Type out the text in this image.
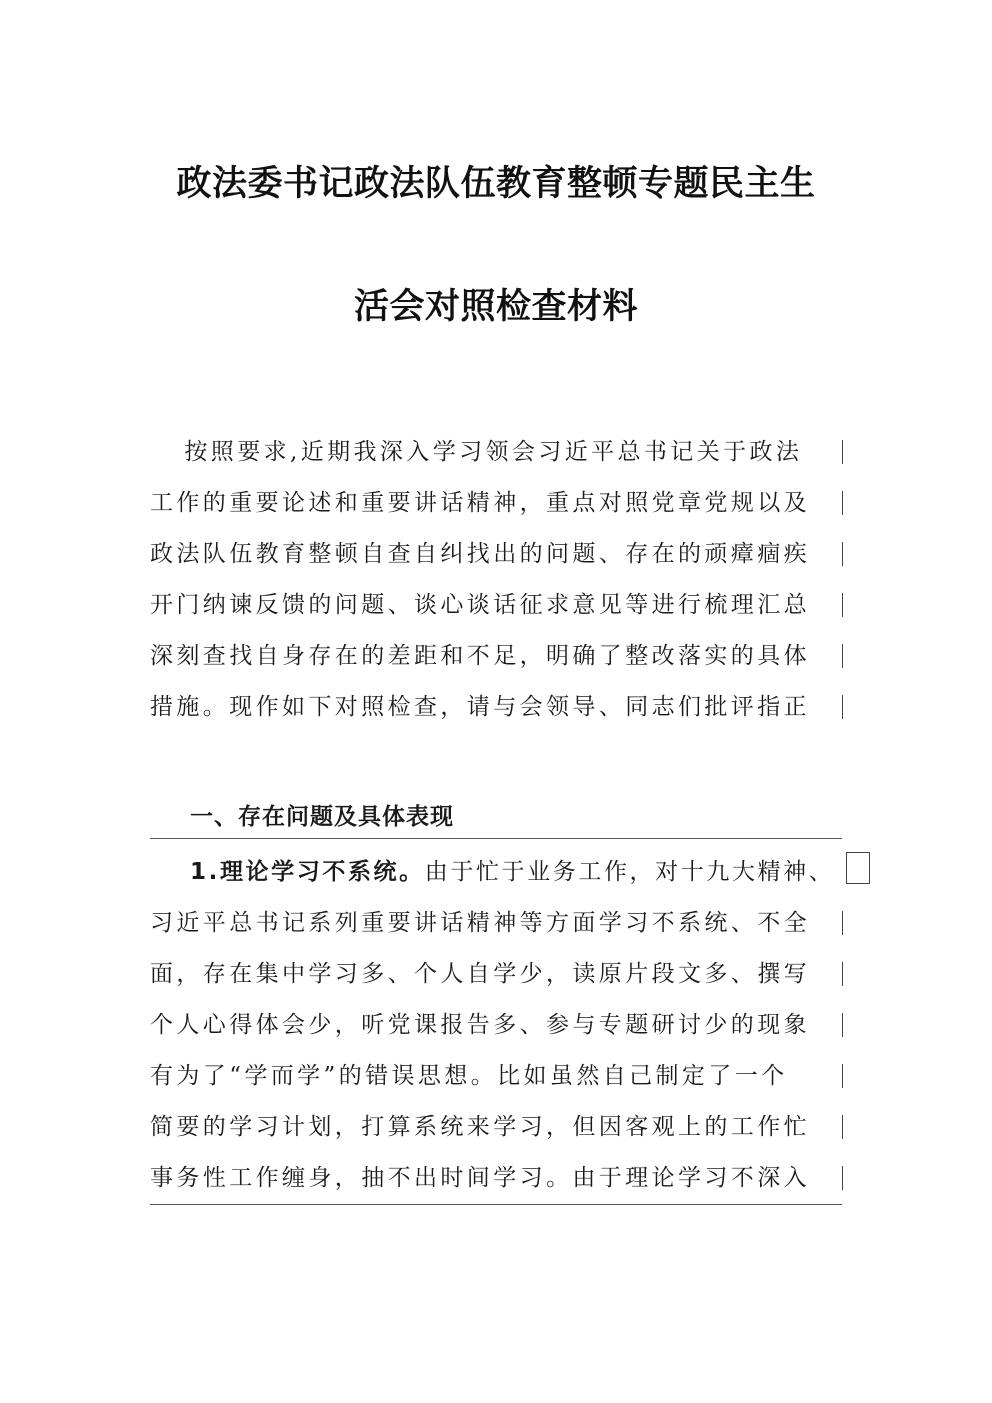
政法委书记政法队伍教育整顿专题民主生
活会对照检查材料
　按照要求,近期我深入学习领会习近平总书记关于政法
工作的重要论述和重要讲话精神，重点对照党章党规以及
政法队伍教育整顿自查自纠找出的问题、存在的顽瘴痼疾
开门纳谏反馈的问题、谈心谈话征求意见等进行梳理汇总
深刻查找自身存在的差距和不足，明确了整改落实的具体
措施。现作如下对照检查，请与会领导、同志们批评指正
一、存在问题及具体表现
1.理论学习不系统。由于忙于业务工作，对十九大精神、
习近平总书记系列重要讲话精神等方面学习不系统、不全
面，存在集中学习多、个人自学少，读原片段文多、撰写
个人心得体会少，听党课报告多、参与专题研讨少的现象
有为了“学而学”的错误思想。比如虽然自己制定了一个
简要的学习计划，打算系统来学习，但因客观上的工作忙
事务性工作缠身，抽不出时间学习。由于理论学习不深入
